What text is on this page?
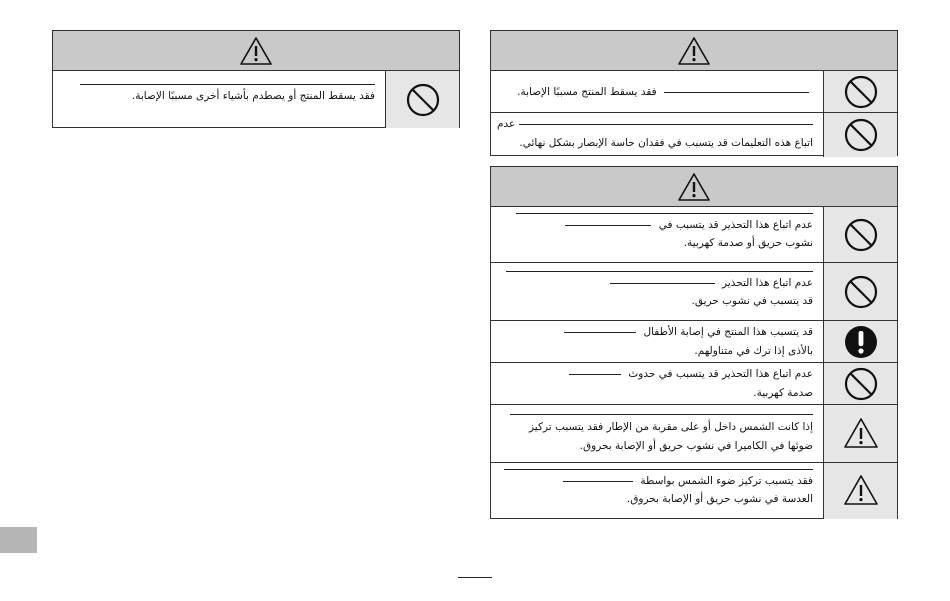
فقد يسقط المنتج أو يصطدم بأشياء أخرى مسببًا الإصابة.	فقد يسقط المنتج مسببًا الإصابة.
عدم
اتباع هذه التعليمات قد يتسبب في فقدان حاسة الإبصار بشكل نهائي.
عدم اتباع هذا التحذير قد يتسبب في
نشوب حريق أو صدمة كهربية.
عدم اتباع هذا التحذير
قد يتسبب في نشوب حريق.
قد يتسبب هذا المنتج في إصابة الأطفال
بالأذى إذا ترك في متناولهم.
عدم اتباع هذا التحذير قد يتسبب في حدوث
صدمة كهربية.
إذا كانت الشمس داخل أو على مقربة من الإطار فقد يتسبب تركيز
ضوئها في الكاميرا في نشوب حريق أو الإصابة بحروق.
فقد يتسبب تركيز ضوء الشمس بواسطة
العدسة في نشوب حريق أو الإصابة بحروق.
